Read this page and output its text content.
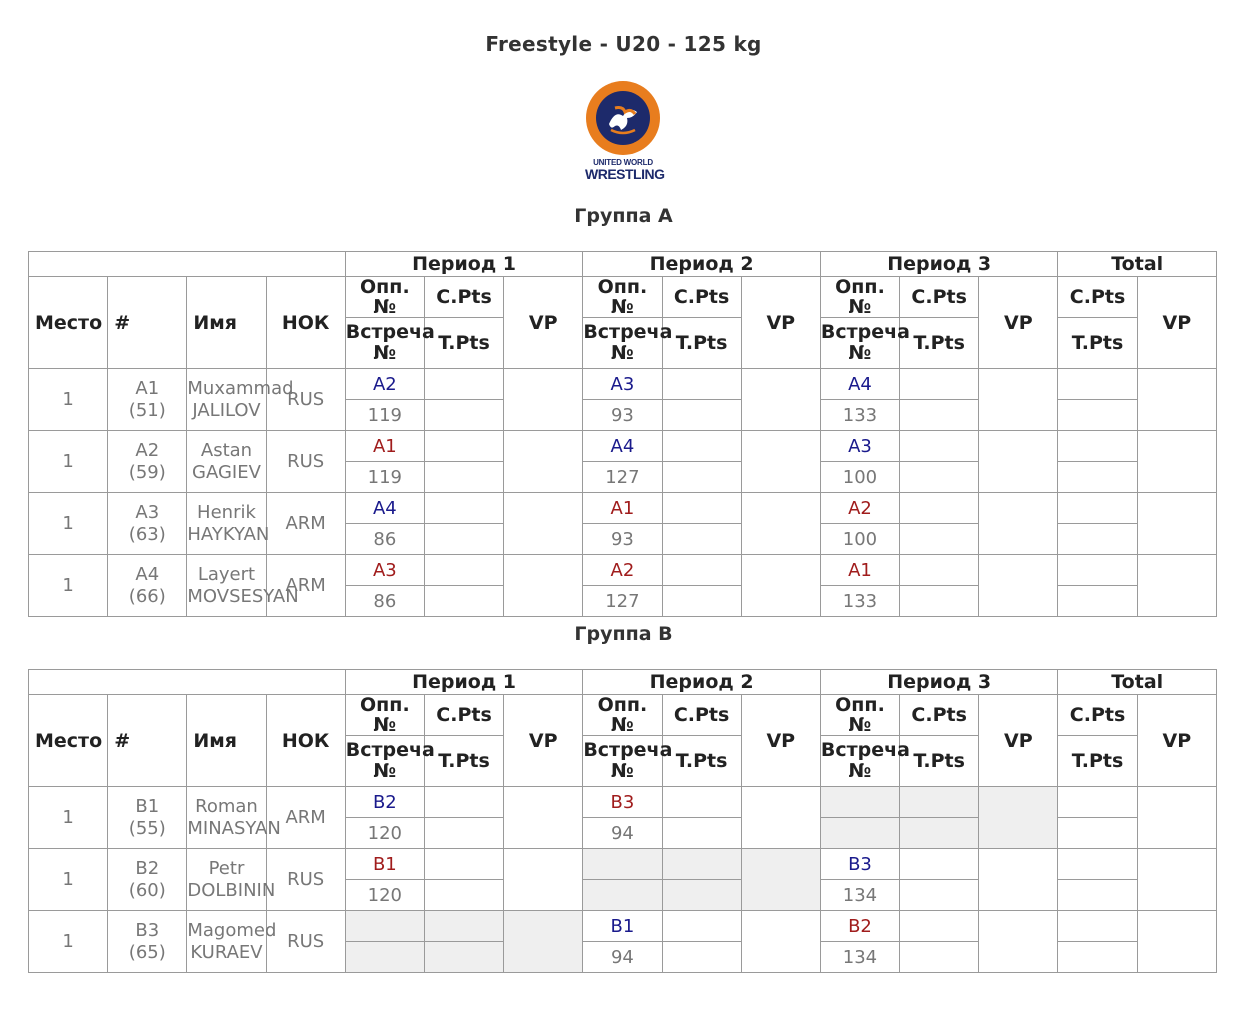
Freestyle - U20 - 125 kg
UNITED WORLD
WRESTLING
Группа A
				Период 1			Период 2			Период 3			Total	
Место	#	Имя	НОК	Опп. №	C.Pts	VP	Опп. №	C.Pts	VP	Опп. №	C.Pts	VP	C.Pts	VP
				Встреча №	T.Pts		Встреча №	T.Pts		Встреча №	T.Pts		T.Pts	
1	A1
(51)	Muxammad JALILOV	RUS	A2			A3			A4				
				119			93			133				
1	A2
(59)	Astan GAGIEV	RUS	A1			A4			A3				
				119			127			100				
1	A3
(63)	Henrik HAYKYAN	ARM	A4			A1			A2				
				86			93			100				
1	A4
(66)	Layert MOVSESYAN	ARM	A3			A2			A1				
				86			127			133				
Группа B
				Период 1			Период 2			Период 3			Total	
Место	#	Имя	НОК	Опп. №	C.Pts	VP	Опп. №	C.Pts	VP	Опп. №	C.Pts	VP	C.Pts	VP
				Встреча №	T.Pts		Встреча №	T.Pts		Встреча №	T.Pts		T.Pts	
1	B1
(55)	Roman MINASYAN	ARM	B2			B3							
				120			94							
1	B2
(60)	Petr DOLBININ	RUS	B1						B3				
				120						134				
1	B3
(65)	Magomed KURAEV	RUS				B1			B2				
							94			134				
